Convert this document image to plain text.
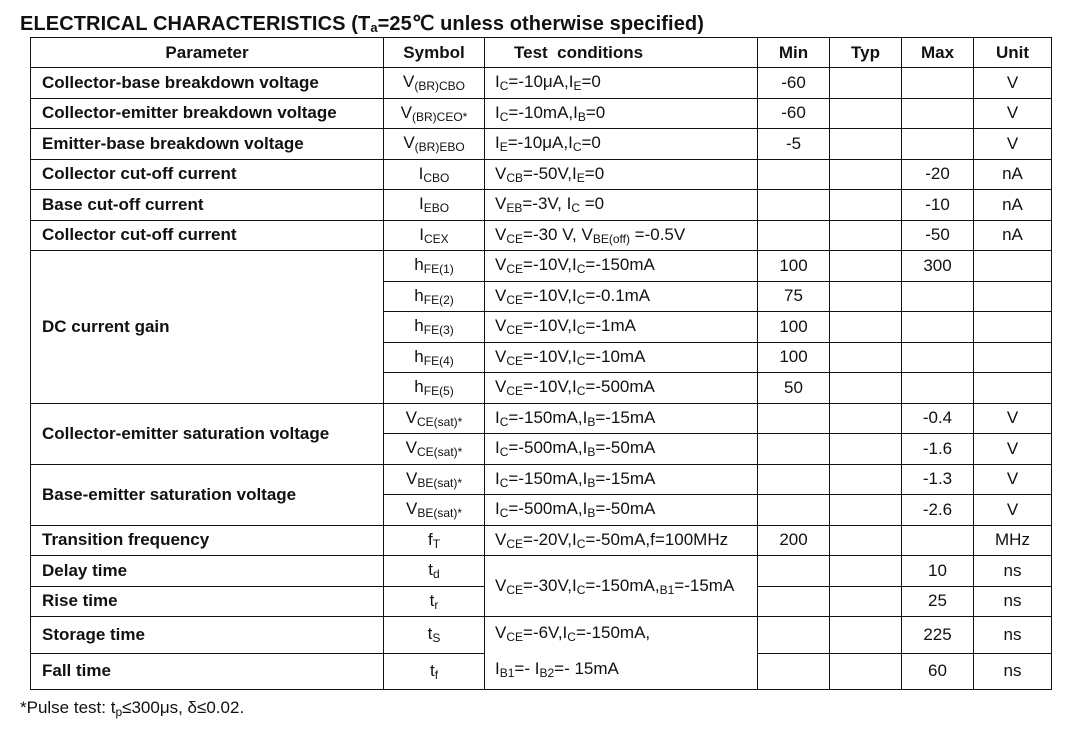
ELECTRICAL CHARACTERISTICS ($T_a=25℃$ unless otherwise specified)
Parameter	Symbol	Test  conditions	Min	Typ	Max	Unit
Collector-base breakdown voltage	$V_{(BR)CBO}$	$I_C=-10\mu A,I_E=0$	-60			V
Collector-emitter breakdown voltage	$V_{(BR)CEO*}$	$I_C=-10mA,I_B=0$	-60			V
Emitter-base breakdown voltage	$V_{(BR)EBO}$	$I_E=-10\mu A,I_C=0$	-5			V
Collector cut-off current	$I_{CBO}$	$V_{CB}=-50V,I_E=0$			-20	nA
Base cut-off current	$I_{EBO}$	$V_{EB}=-3V$, $I_C =0$			-10	nA
Collector cut-off current	$I_{CEX}$	$V_{CE}=-30$ V, $V_{BE(off)} =-0.5V$			-50	nA
DC current gain	$h_{FE(1)}$	$V_{CE}=-10V,I_C=-150mA$	100		300	
	$h_{FE(2)}$	$V_{CE}=-10V,I_C=-0.1mA$	75			
	$h_{FE(3)}$	$V_{CE}=-10V,I_C=-1mA$	100			
	$h_{FE(4)}$	$V_{CE}=-10V,I_C=-10mA$	100			
	$h_{FE(5)}$	$V_{CE}=-10V,I_C=-500mA$	50			
Collector-emitter saturation voltage	$V_{CE(sat)*}$	$I_C=-150mA,I_B=-15mA$			-0.4	V
	$V_{CE(sat)*}$	$I_C=-500mA,I_B=-50mA$			-1.6	V
Base-emitter saturation voltage	$V_{BE(sat)*}$	$I_C=-150mA,I_B=-15mA$			-1.3	V
	$V_{BE(sat)*}$	$I_C=-500mA,I_B=-50mA$			-2.6	V
Transition frequency	$f_T$	$V_{CE}=-20V,I_C=-50mA,f=100MHz$	200			MHz
Delay time	$t_d$	$V_{CE}=-30V,I_C=-150mA,_{B1}=-15mA$			10	ns
Rise time	$t_r$				25	ns
Storage time	$t_S$	$V_{CE}=-6V,I_C=-150mA$,
$I_{B1}=-$ $I_{B2}=-$ 15mA			225	ns
Fall time	$t_f$				60	ns
*Pulse test: $t_p\le 300\mu s$, δ≤0.02.
